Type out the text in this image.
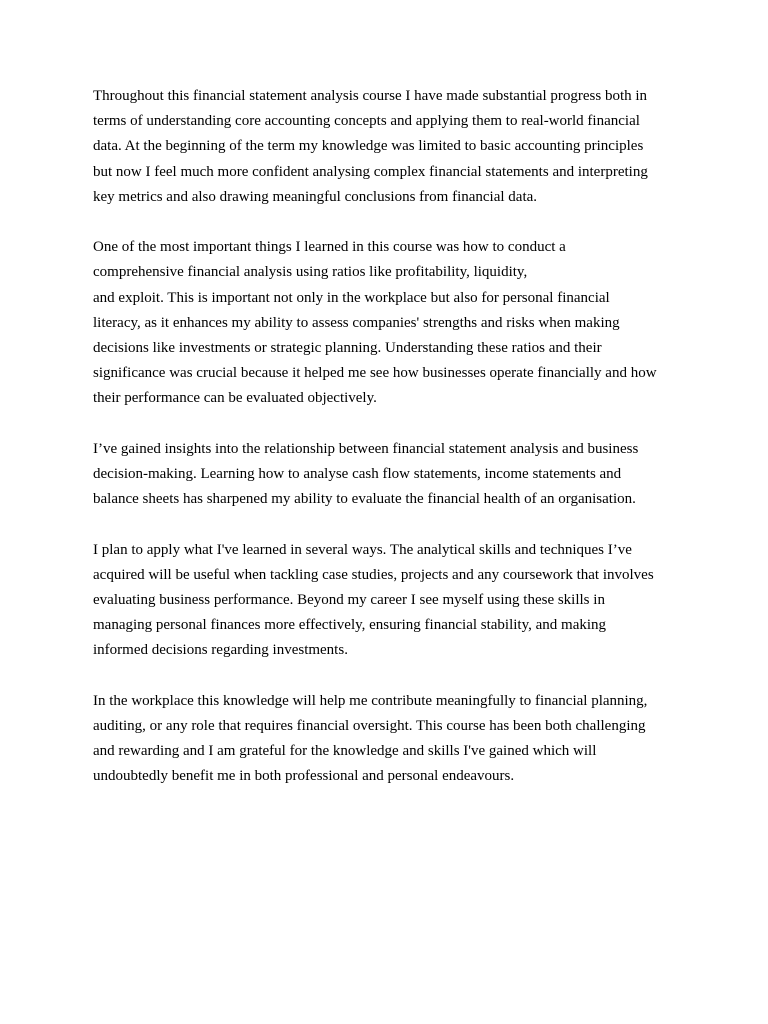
Throughout this financial statement analysis course I have made substantial progress both in
terms of understanding core accounting concepts and applying them to real-world financial
data. At the beginning of the term my knowledge was limited to basic accounting principles
but now I feel much more confident analysing complex financial statements and interpreting
key metrics and also drawing meaningful conclusions from financial data.

One of the most important things I learned in this course was how to conduct a
comprehensive financial analysis using ratios like profitability, liquidity,
and exploit. This is important not only in the workplace but also for personal financial
literacy, as it enhances my ability to assess companies' strengths and risks when making
decisions like investments or strategic planning. Understanding these ratios and their
significance was crucial because it helped me see how businesses operate financially and how
their performance can be evaluated objectively.

I’ve gained insights into the relationship between financial statement analysis and business
decision-making. Learning how to analyse cash flow statements, income statements and
balance sheets has sharpened my ability to evaluate the financial health of an organisation.

I plan to apply what I've learned in several ways. The analytical skills and techniques I’ve
acquired will be useful when tackling case studies, projects and any coursework that involves
evaluating business performance. Beyond my career I see myself using these skills in
managing personal finances more effectively, ensuring financial stability, and making
informed decisions regarding investments.

In the workplace this knowledge will help me contribute meaningfully to financial planning,
auditing, or any role that requires financial oversight. This course has been both challenging
and rewarding and I am grateful for the knowledge and skills I've gained which will
undoubtedly benefit me in both professional and personal endeavours.
